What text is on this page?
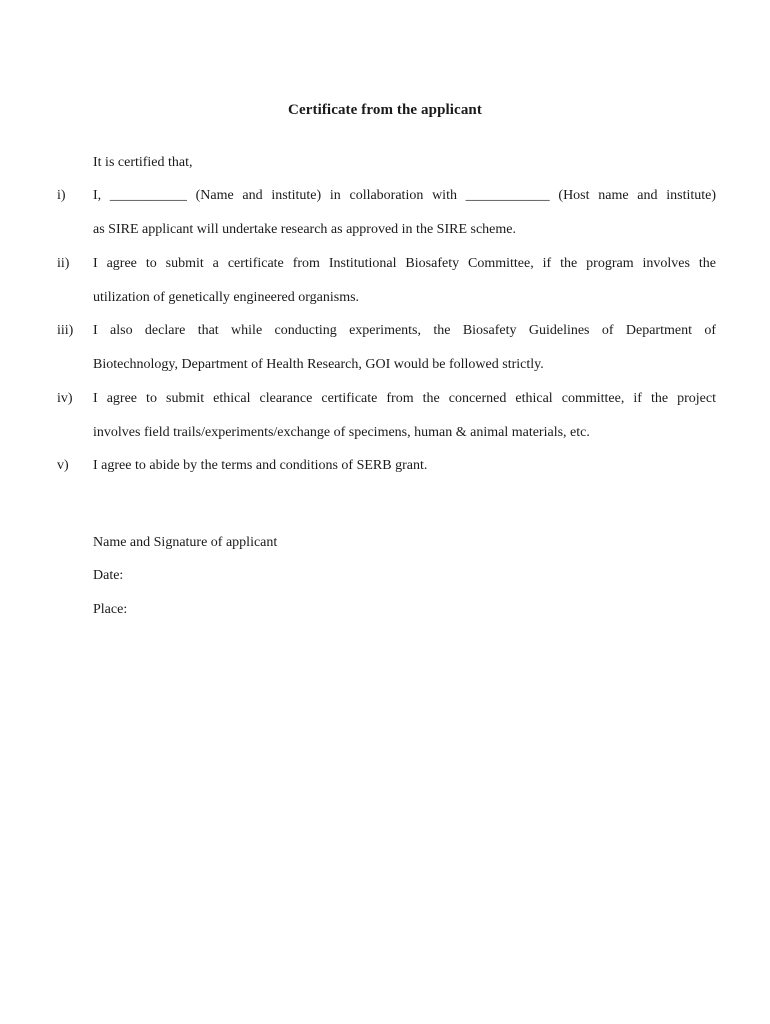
Certificate from the applicant
It is certified that,
i) I, ___________ (Name and institute) in collaboration with ____________ (Host name and institute)
as SIRE applicant will undertake research as approved in the SIRE scheme.
ii) I agree to submit a certificate from Institutional Biosafety Committee, if the program involves the
utilization of genetically engineered organisms.
iii) I also declare that while conducting experiments, the Biosafety Guidelines of Department of
Biotechnology, Department of Health Research, GOI would be followed strictly.
iv) I agree to submit ethical clearance certificate from the concerned ethical committee, if the project
involves field trails/experiments/exchange of specimens, human & animal materials, etc.
v) I agree to abide by the terms and conditions of SERB grant.
Name and Signature of applicant
Date:
Place:
